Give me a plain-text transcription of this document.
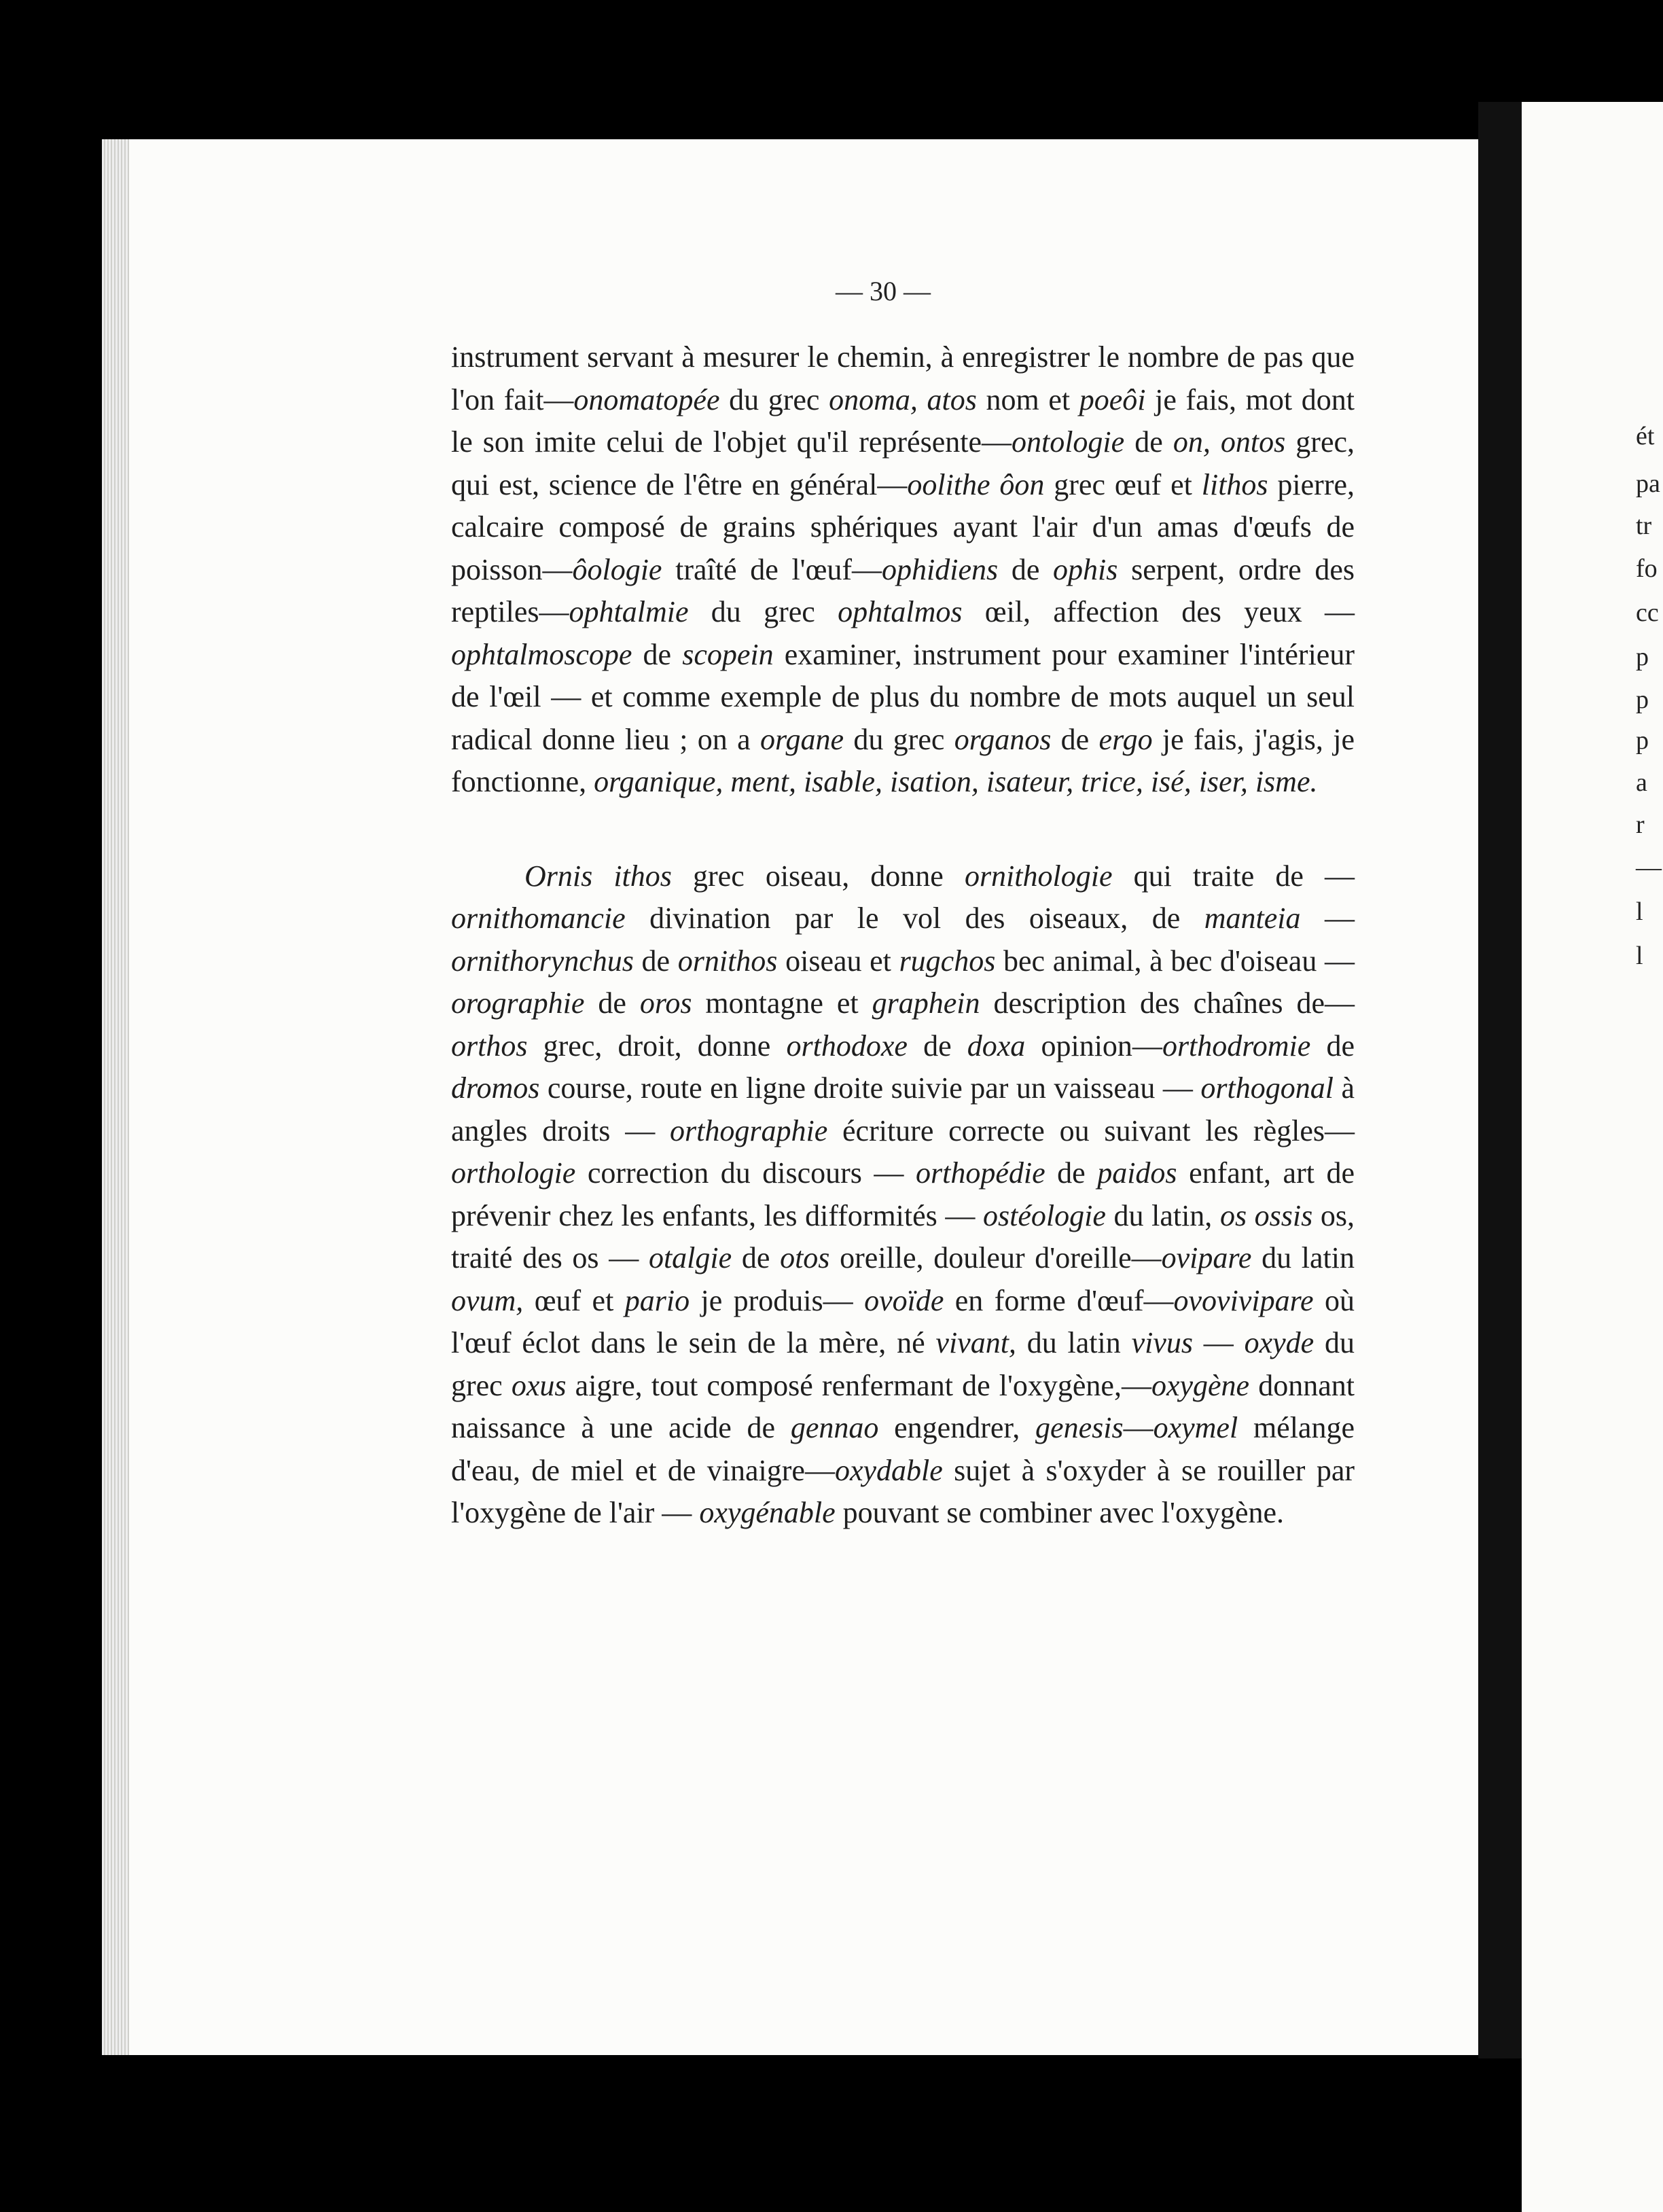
ét
pa
tr
fo
cc
p
p
p
a
r
—
l
l
— 30 —

instrument servant à mesurer le chemin, à enregistrer le nombre de pas que l'on fait—onomatopée du grec onoma, atos nom et poeôi je fais, mot dont le son imite celui de l'objet qu'il représente—ontologie de on, ontos grec, qui est, science de l'être en général—oolithe ôon grec œuf et lithos pierre, calcaire composé de grains sphériques ayant l'air d'un amas d'œufs de poisson—ôologie traîté de l'œuf—ophidiens de ophis serpent, ordre des reptiles—ophtalmie du grec ophtalmos œil, affection des yeux —ophtalmoscope de scopein examiner, instrument pour examiner l'intérieur de l'œil — et comme exemple de plus du nombre de mots auquel un seul radical donne lieu ; on a organe du grec organos de ergo je fais, j'agis, je fonctionne, organique, ment, isable, isation, isateur, trice, isé, iser, isme.

Ornis ithos grec oiseau, donne ornithologie qui traite de —ornithomancie divination par le vol des oiseaux, de manteia —ornithorynchus de ornithos oiseau et rugchos bec animal, à bec d'oiseau —orographie de oros montagne et graphein description des chaînes de—orthos grec, droit, donne orthodoxe de doxa opinion—orthodromie de dromos course, route en ligne droite suivie par un vaisseau — orthogonal à angles droits — orthographie écriture correcte ou suivant les règles—orthologie correction du discours — orthopédie de paidos enfant, art de prévenir chez les enfants, les difformités — ostéologie du latin, os ossis os, traité des os — otalgie de otos oreille, douleur d'oreille—ovipare du latin ovum, œuf et pario je produis— ovoïde en forme d'œuf—ovovivipare où l'œuf éclot dans le sein de la mère, né vivant, du latin vivus — oxyde du grec oxus aigre, tout composé renfermant de l'oxygène,—oxygène donnant naissance à une acide de gennao engendrer, genesis—oxymel mélange d'eau, de miel et de vinaigre—oxydable sujet à s'oxyder à se rouiller par l'oxygène de l'air — oxygénable pouvant se combiner avec l'oxygène.
